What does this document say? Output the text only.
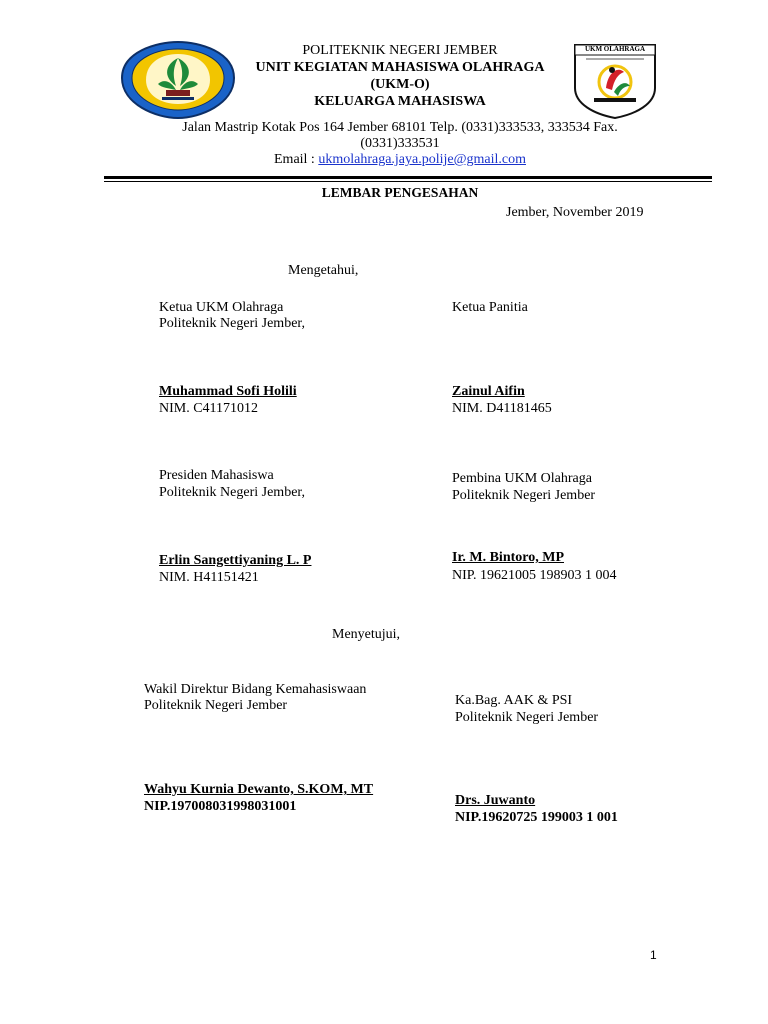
UKM OLAHRAGA
POLITEKNIK NEGERI JEMBER
UNIT KEGIATAN MAHASISWA OLAHRAGA
(UKM-O)
KELUARGA MAHASISWA
Jalan Mastrip Kotak Pos 164 Jember 68101 Telp. (0331)333533, 333534 Fax.
(0331)333531
Email : ukmolahraga.jaya.polije@gmail.com
LEMBAR PENGESAHAN
Jember, November 2019
Mengetahui,
Ketua UKM Olahraga
Politeknik Negeri Jember,
Muhammad Sofi Holili
NIM. C41171012
Ketua Panitia
Zainul Aifin
NIM. D41181465
Presiden Mahasiswa
Politeknik Negeri Jember,
Erlin Sangettiyaning L. P
NIM. H41151421
Pembina UKM Olahraga
Politeknik Negeri Jember
Ir. M. Bintoro, MP
NIP. 19621005 198903 1 004
Menyetujui,
Wakil Direktur Bidang Kemahasiswaan
Politeknik Negeri Jember
Wahyu Kurnia Dewanto, S.KOM, MT
NIP.197008031998031001
Ka.Bag. AAK & PSI
Politeknik Negeri Jember
Drs. Juwanto
NIP.19620725 199003 1 001
1
